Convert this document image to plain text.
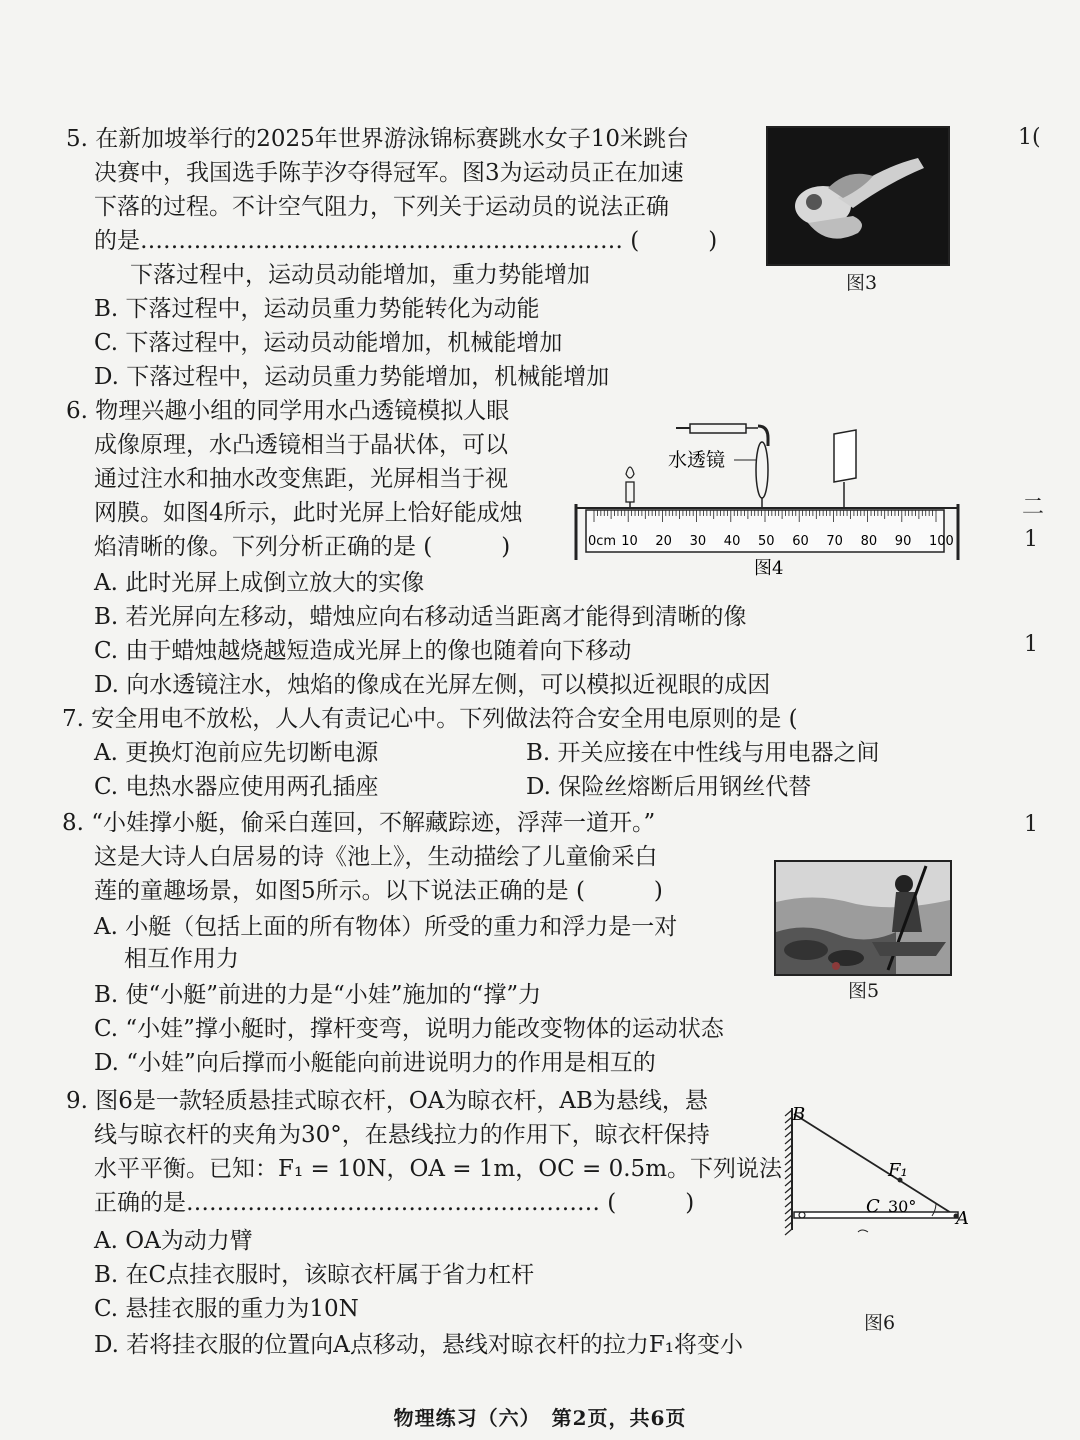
1(
二
1
1
1
5. 在新加坡举行的2025年世界游泳锦标赛跳水女子10米跳台
决赛中，我国选手陈芋汐夺得冠军。图3为运动员正在加速
下落的过程。不计空气阻力，下列关于运动员的说法正确
的是……………………………………………………… (　　　)
下落过程中，运动员动能增加，重力势能增加
B. 下落过程中，运动员重力势能转化为动能
C. 下落过程中，运动员动能增加，机械能增加
D. 下落过程中，运动员重力势能增加，机械能增加
图3
6. 物理兴趣小组的同学用水凸透镜模拟人眼
成像原理，水凸透镜相当于晶状体，可以
通过注水和抽水改变焦距，光屏相当于视
网膜。如图4所示，此时光屏上恰好能成烛
焰清晰的像。下列分析正确的是 (　　　)
A. 此时光屏上成倒立放大的实像
B. 若光屏向左移动，蜡烛应向右移动适当距离才能得到清晰的像
C. 由于蜡烛越烧越短造成光屏上的像也随着向下移动
D. 向水透镜注水，烛焰的像成在光屏左侧，可以模拟近视眼的成因
水透镜
0cm 10 20 30 40 50 60 70 80 90 100
图4
7. 安全用电不放松，人人有责记心中。下列做法符合安全用电原则的是 (
A. 更换灯泡前应先切断电源	B. 开关应接在中性线与用电器之间
C. 电热水器应使用两孔插座	D. 保险丝熔断后用钢丝代替
8. “小娃撑小艇，偷采白莲回，不解藏踪迹，浮萍一道开。”
这是大诗人白居易的诗《池上》，生动描绘了儿童偷采白
莲的童趣场景，如图5所示。以下说法正确的是 (　　　)
A. 小艇（包括上面的所有物体）所受的重力和浮力是一对
相互作用力
B. 使“小艇”前进的力是“小娃”施加的“撑”力
C. “小娃”撑小艇时，撑杆变弯，说明力能改变物体的运动状态
D. “小娃”向后撑而小艇能向前进说明力的作用是相互的
图5
9. 图6是一款轻质悬挂式晾衣杆，OA为晾衣杆，AB为悬线，悬
线与晾衣杆的夹角为30°，在悬线拉力的作用下，晾衣杆保持
水平平衡。已知：F₁ = 10N，OA = 1m，OC = 0.5m。下列说法
正确的是……………………………………………… (　　　)
A. OA为动力臂
B. 在C点挂衣服时，该晾衣杆属于省力杠杆
C. 悬挂衣服的重力为10N
D. 若将挂衣服的位置向A点移动，悬线对晾衣杆的拉力F₁将变小
B
F₁
C 30°
A
图6
物理练习（六）　第2页，共6页
